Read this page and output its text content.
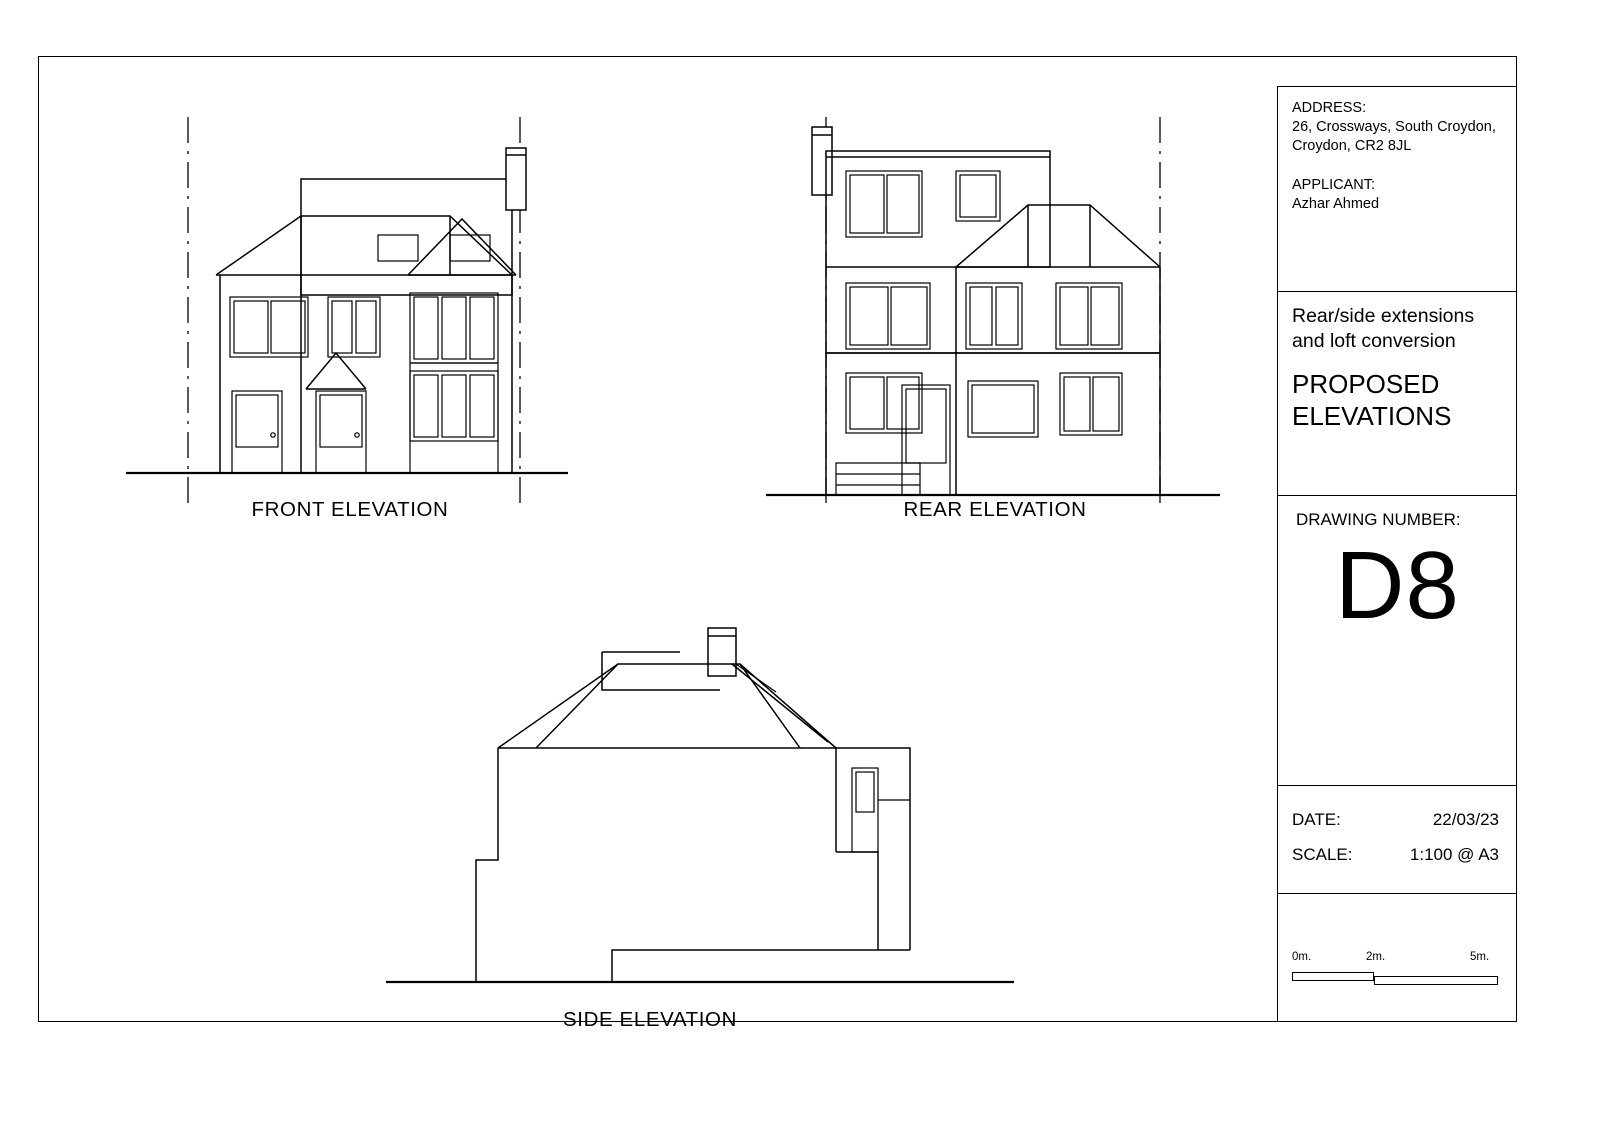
FRONT ELEVATION	REAR ELEVATION
SIDE ELEVATION
ADDRESS:
26, Crossways, South Croydon,
Croydon, CR2 8JL
APPLICANT:
Azhar Ahmed
Rear/side extensions
and loft conversion
PROPOSED
ELEVATIONS
DRAWING NUMBER:
D8
DATE:	22/03/23
SCALE:	1:100 @ A3
0m.	2m.	5m.
